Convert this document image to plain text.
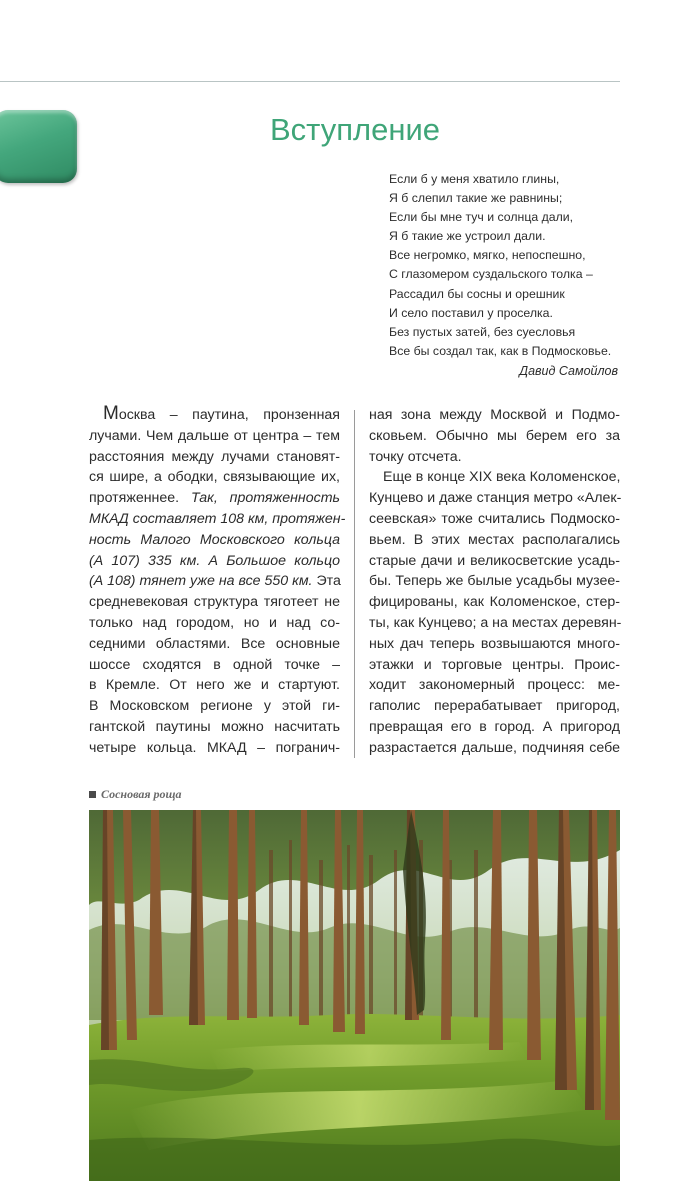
Вступление
Если б у меня хватило глины,
Я б слепил такие же равнины;
Если бы мне туч и солнца дали,
Я б такие же устроил дали.
Все негромко, мягко, непоспешно,
С глазомером суздальского толка –
Рассадил бы сосны и орешник
И село поставил у проселка.
Без пустых затей, без суесловья
Все бы создал так, как в Подмосковье.
Давид Самойлов
Москва – паутина, пронзенная
лучами. Чем дальше от центра – тем
расстояния между лучами становят-
ся шире, а ободки, связывающие их,
протяженнее. Так, протяженность
МКАД составляет 108 км, протяжен-
ность Малого Московского кольца
(А 107) 335 км. А Большое кольцо
(А 108) тянет уже на все 550 км. Эта
средневековая структура тяготеет не
только над городом, но и над со-
седними областями. Все основные
шоссе сходятся в одной точке –
в Кремле. От него же и стартуют.
В Московском регионе у этой ги-
гантской паутины можно насчитать
четыре кольца. МКАД – погранич-
ная зона между Москвой и Подмо-
сковьем. Обычно мы берем его за
точку отсчета.
Еще в конце XIX века Коломенское,
Кунцево и даже станция метро «Алек-
сеевская» тоже считались Подмоско-
вьем. В этих местах располагались
старые дачи и великосветские усадь-
бы. Теперь же былые усадьбы музее-
фицированы, как Коломенское, стер-
ты, как Кунцево; а на местах деревян-
ных дач теперь возвышаются много-
этажки и торговые центры. Проис-
ходит закономерный процесс: ме-
гаполис перерабатывает пригород,
превращая его в город. А пригород
разрастается дальше, подчиняя себе
Сосновая роща
